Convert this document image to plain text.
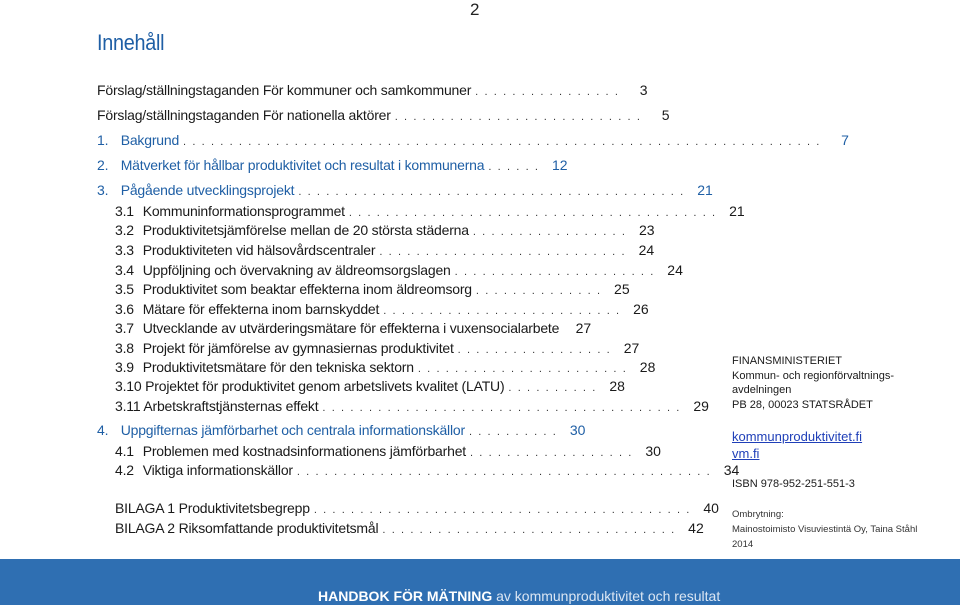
2
Innehåll
Förslag/ställningstaganden För kommuner och samkommuner . . . . . . . . . . . . . . . .	3
Förslag/ställningstaganden För nationella aktörer . . . . . . . . . . . . . . . . . . . . . . . . . . .	5
1. Bakgrund . . . . . . . . . . . . . . . . . . . . . . . . . . . . . . . . . . . . . . . . . . . . . . . . . . . . . . . . . . . . . . . . . . . . .	7
2. Mätverket för hållbar produktivitet och resultat i kommunerna . . . . . . 12
3. Pågående utvecklingsprojekt . . . . . . . . . . . . . . . . . . . . . . . . . . . . . . . . . . . . . . . . . . 21
3.1 Kommuninformationsprogrammet . . . . . . . . . . . . . . . . . . . . . . . . . . . . . . . . . . . . . . . . 21
3.2 Produktivitetsjämförelse mellan de 20 största städerna . . . . . . . . . . . . . . . . . 23
3.3 Produktiviteten vid hälsovårdscentraler . . . . . . . . . . . . . . . . . . . . . . . . . . . 24
3.4 Uppföljning och övervakning av äldreomsorgslagen . . . . . . . . . . . . . . . . . . . . . . 24
3.5 Produktivitet som beaktar effekterna inom äldreomsorg . . . . . . . . . . . . . . 25
3.6 Mätare för effekterna inom barnskyddet . . . . . . . . . . . . . . . . . . . . . . . . . . 26
3.7 Utvecklande av utvärderingsmätare för effekterna i vuxensocialarbete	27
3.8 Projekt för jämförelse av gymnasiernas produktivitet . . . . . . . . . . . . . . . . . 27
3.9 Produktivitetsmätare för den tekniska sektorn . . . . . . . . . . . . . . . . . . . . . . . 28
3.10 Projektet för produktivitet genom arbetslivets kvalitet (LATU) . . . . . . . . . . 28
3.11 Arbetskraftstjänsternas effekt . . . . . . . . . . . . . . . . . . . . . . . . . . . . . . . . . . . . . . . 29
4. Uppgifternas jämförbarhet och centrala informationskällor . . . . . . . . . . 30
4.1 Problemen med kostnadsinformationens jämförbarhet . . . . . . . . . . . . . . . . . . 30
4.2 Viktiga informationskällor . . . . . . . . . . . . . . . . . . . . . . . . . . . . . . . . . . . . . . . . . . . . . 34
BILAGA 1 Produktivitetsbegrepp . . . . . . . . . . . . . . . . . . . . . . . . . . . . . . . . . . . . . . . . . 40
BILAGA 2 Riksomfattande produktivitetsmål . . . . . . . . . . . . . . . . . . . . . . . . . . . . . . . . 42
FINANSMINISTERIET
Kommun- och regionförvaltnings-
avdelningen
PB 28, 00023 STATSRÅDET
kommunproduktivitet.fi
vm.fi
ISBN 978-952-251-551-3
Ombrytning:
Mainostoimisto Visuviestintä Oy, Taina Ståhl
2014
HANDBOK FÖR MÄTNING av kommunproduktivitet och resultat
